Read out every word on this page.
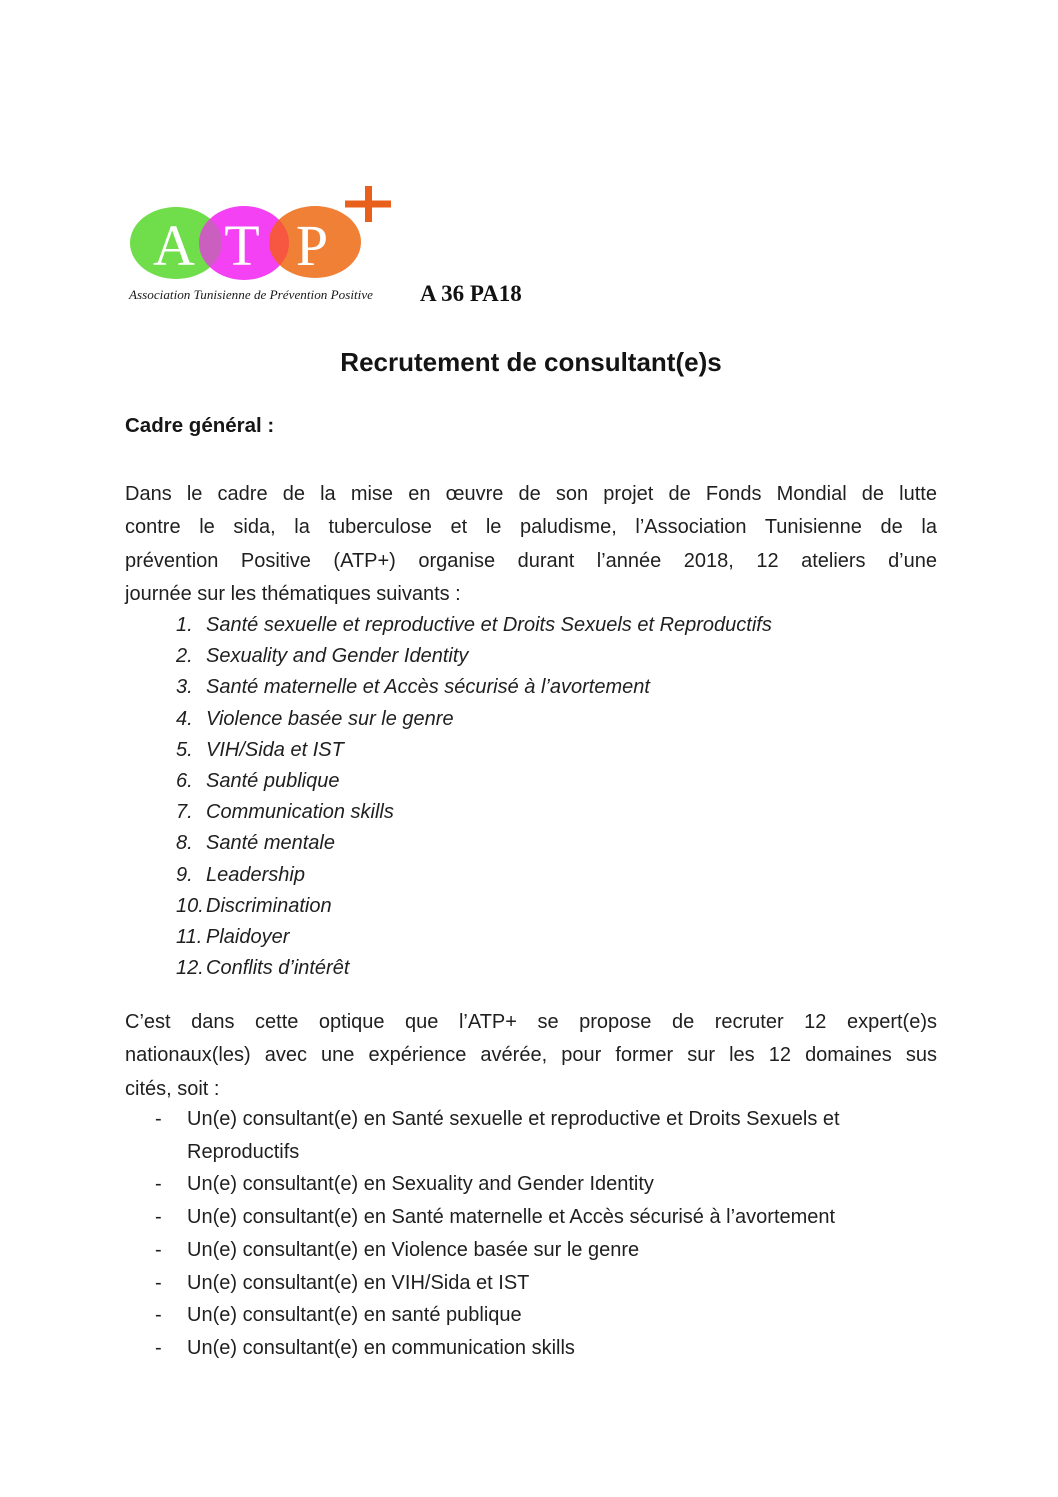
A T P
Association Tunisienne de Prévention Positive A 36 PA18
Recrutement de consultant(e)s
Cadre général :
Dans le cadre de la mise en œuvre de son projet de Fonds Mondial de lutte
contre le sida, la tuberculose et le paludisme, l’Association Tunisienne de la
prévention Positive (ATP+) organise durant l’année 2018, 12 ateliers d’une
journée sur les thématiques suivants :
1. Santé sexuelle et reproductive et Droits Sexuels et Reproductifs
2. Sexuality and Gender Identity
3. Santé maternelle et Accès sécurisé à l’avortement
4. Violence basée sur le genre
5. VIH/Sida et IST
6. Santé publique
7. Communication skills
8. Santé mentale
9. Leadership
10. Discrimination
11. Plaidoyer
12. Conflits d’intérêt
C’est dans cette optique que l’ATP+ se propose de recruter 12 expert(e)s
nationaux(les) avec une expérience avérée, pour former sur les 12 domaines sus
cités, soit :
- Un(e) consultant(e) en Santé sexuelle et reproductive et Droits Sexuels et Reproductifs
- Un(e) consultant(e) en Sexuality and Gender Identity
- Un(e) consultant(e) en Santé maternelle et Accès sécurisé à l’avortement
- Un(e) consultant(e) en Violence basée sur le genre
- Un(e) consultant(e) en VIH/Sida et IST
- Un(e) consultant(e) en santé publique
- Un(e) consultant(e) en communication skills
